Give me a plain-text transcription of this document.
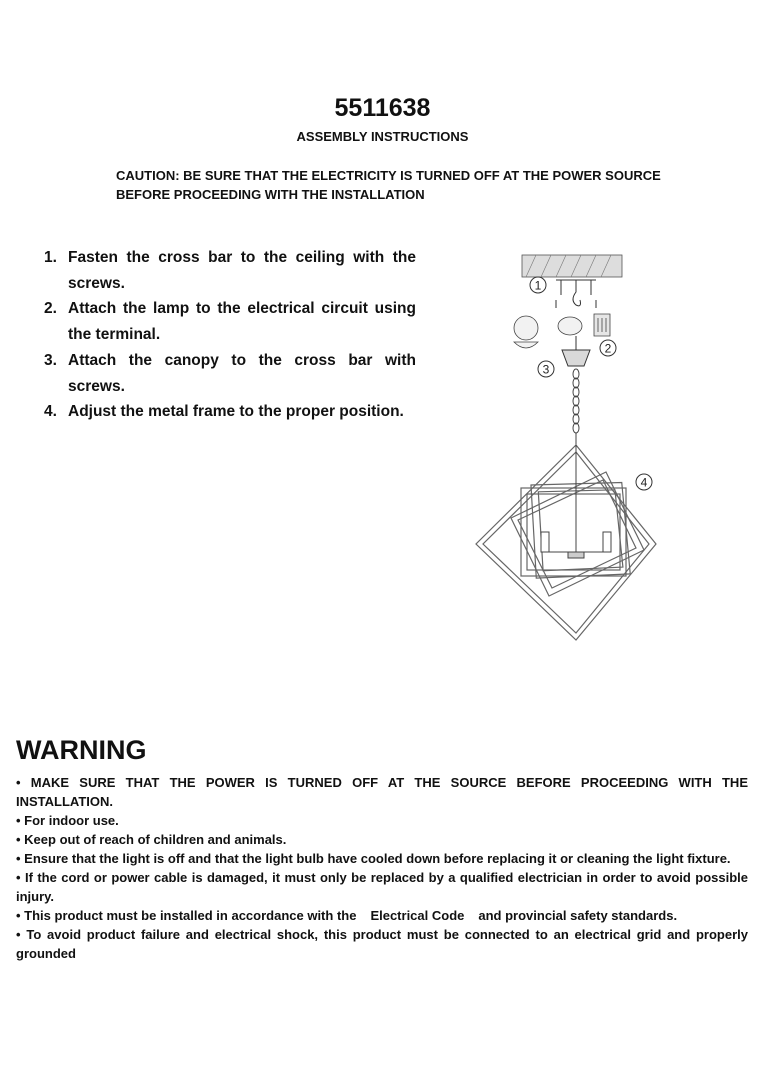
5511638
ASSEMBLY INSTRUCTIONS
CAUTION: BE SURE THAT THE ELECTRICITY IS TURNED OFF AT THE POWER SOURCE
BEFORE PROCEEDING WITH THE INSTALLATION
1. Fasten the cross bar to the ceiling with the screws.
2. Attach the lamp to the electrical circuit using the terminal.
3. Attach the canopy to the cross bar with screws.
4. Adjust the metal frame to the proper position.
1
2
3
4
WARNING
• MAKE SURE THAT THE POWER IS TURNED OFF AT THE SOURCE BEFORE PROCEEDING WITH THE INSTALLATION.
• For indoor use.
• Keep out of reach of children and animals.
• Ensure that the light is off and that the light bulb have cooled down before replacing it or cleaning the light fixture.
• If the cord or power cable is damaged, it must only be replaced by a qualified electrician in order to avoid possible injury.
• This product must be installed in accordance with the Electrical Code and provincial safety standards.
• To avoid product failure and electrical shock, this product must be connected to an electrical grid and properly grounded
